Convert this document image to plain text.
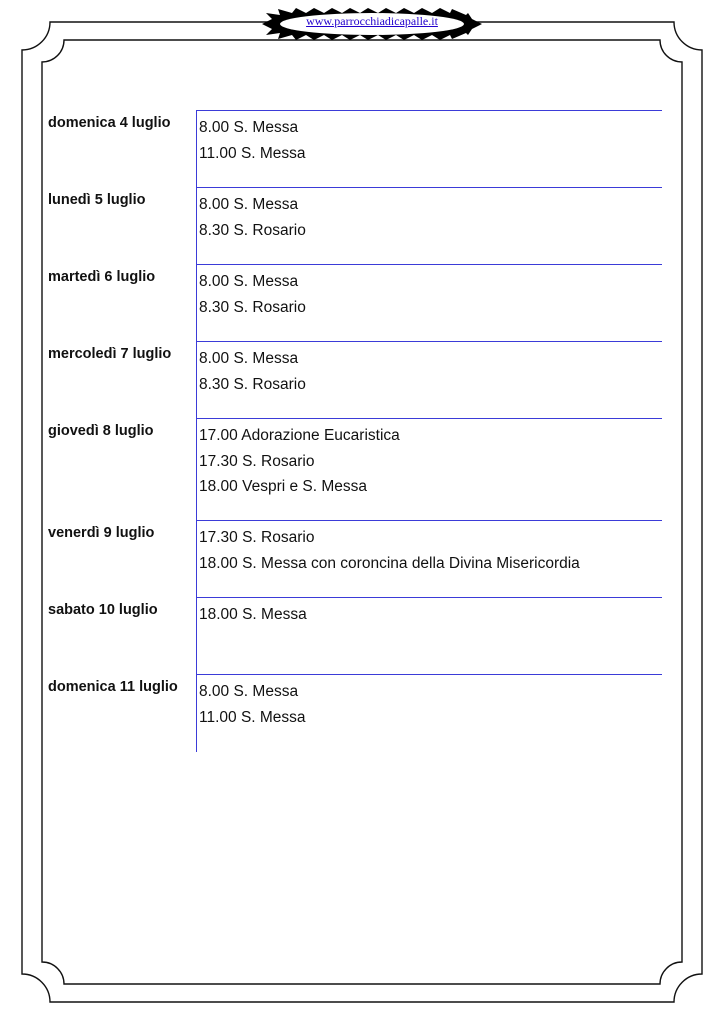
www.parrocchiadicapalle.it
domenica 4 luglio	8.00 S. Messa
11.00 S. Messa
lunedì 5 luglio	8.00 S. Messa
8.30 S. Rosario
martedì 6 luglio	8.00 S. Messa
8.30 S. Rosario
mercoledì 7 luglio	8.00 S. Messa
8.30 S. Rosario
giovedì 8 luglio	17.00 Adorazione Eucaristica
17.30 S. Rosario
18.00 Vespri e S. Messa
venerdì 9 luglio	17.30 S. Rosario
18.00 S. Messa con coroncina della Divina Misericordia
sabato 10 luglio	18.00 S. Messa
domenica 11 luglio	8.00 S. Messa
11.00 S. Messa
